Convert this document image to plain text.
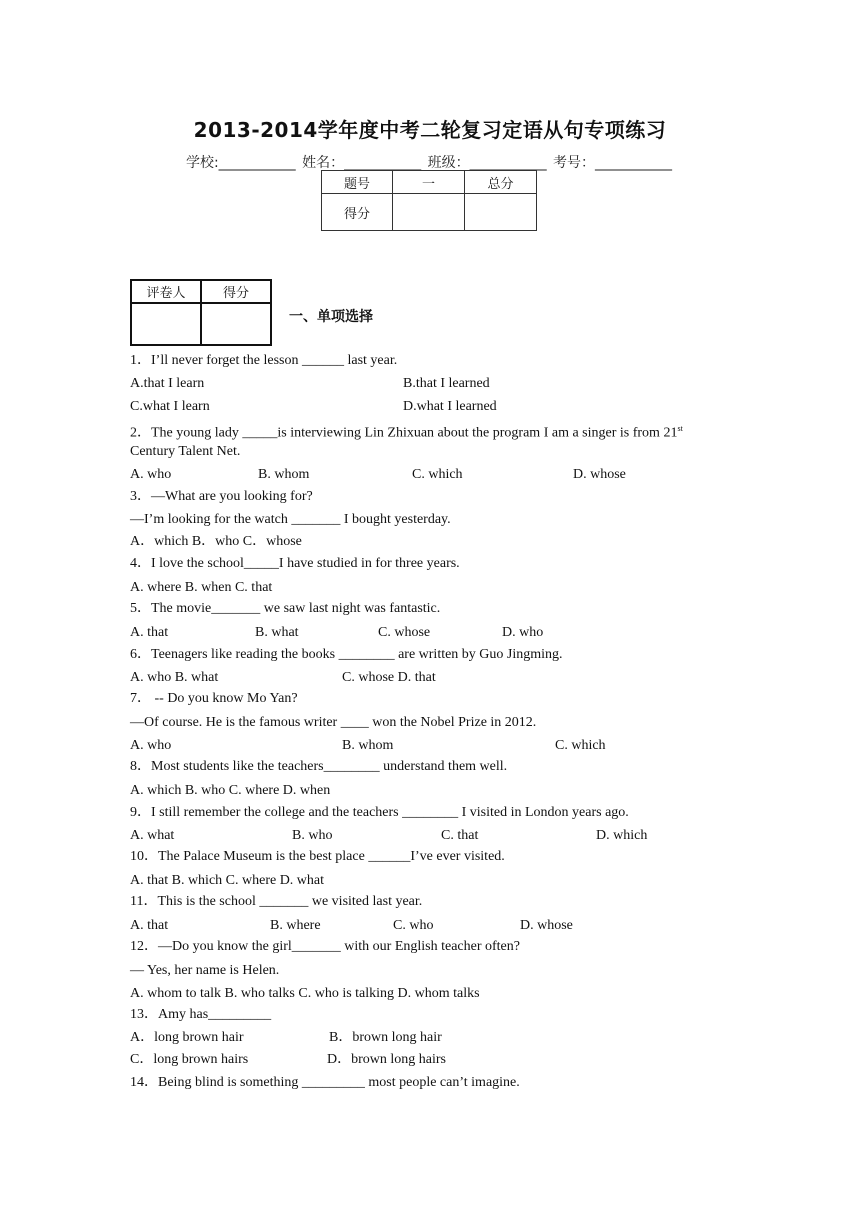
2013-2014学年度中考二轮复习定语从句专项练习
学校:___________ 姓名：___________ 班级：___________ 考号：___________
题号	一	总分
得分		
评卷人	得分

一、单项选择
1．I’ll never forget the lesson ______ last year.
A.that I learn	B.that I learned
C.what I learn	D.what I learned
2．The young lady _____is interviewing Lin Zhixuan about the program I am a singer is from 21st
Century Talent Net.
A. who	B. whom	C. which	D. whose
3．—What are you looking for?
—I’m looking for the watch _______ I bought yesterday.
A．which B．who C．whose
4．I love the school_____I have studied in for three years.
A. where B. when C. that
5．The movie_______ we saw last night was fantastic.
A. that	B. what	C. whose	D. who
6．Teenagers like reading the books ________ are written by Guo Jingming.
A. who B. what	C. whose D. that
7． -- Do you know Mo Yan?
—Of course. He is the famous writer ____ won the Nobel Prize in 2012.
A. who	B. whom	C. which
8．Most students like the teachers________ understand them well.
A. which B. who C. where D. when
9．I still remember the college and the teachers ________ I visited in London years ago.
A. what	B. who	C. that	D. which
10．The Palace Museum is the best place ______I’ve ever visited.
A. that B. which C. where D. what
11．This is the school _______ we visited last year.
A. that	B. where	C. who	D. whose
12．—Do you know the girl_______ with our English teacher often?
— Yes, her name is Helen.
A. whom to talk B. who talks C. who is talking D. whom talks
13．Amy has_________
A．long brown hair	B．brown long hair
C．long brown hairs	D．brown long hairs
14．Being blind is something _________ most people can’t imagine.
